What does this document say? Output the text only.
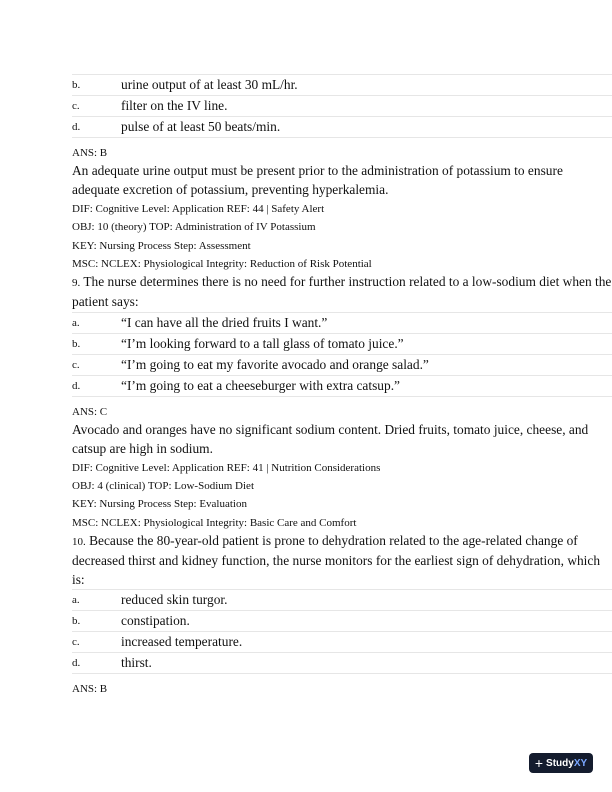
b.	urine output of at least 30 mL/hr.
c.	filter on the IV line.
d.	pulse of at least 50 beats/min.
ANS: B
An adequate urine output must be present prior to the administration of potassium to ensure adequate excretion of potassium, preventing hyperkalemia.
DIF: Cognitive Level: Application REF: 44 | Safety Alert
OBJ: 10 (theory) TOP: Administration of IV Potassium
KEY: Nursing Process Step: Assessment
MSC: NCLEX: Physiological Integrity: Reduction of Risk Potential
9. The nurse determines there is no need for further instruction related to a low-sodium diet when the patient says:
a.	“I can have all the dried fruits I want.”
b.	“I’m looking forward to a tall glass of tomato juice.”
c.	“I’m going to eat my favorite avocado and orange salad.”
d.	“I’m going to eat a cheeseburger with extra catsup.”
ANS: C
Avocado and oranges have no significant sodium content. Dried fruits, tomato juice, cheese, and catsup are high in sodium.
DIF: Cognitive Level: Application REF: 41 | Nutrition Considerations
OBJ: 4 (clinical) TOP: Low-Sodium Diet
KEY: Nursing Process Step: Evaluation
MSC: NCLEX: Physiological Integrity: Basic Care and Comfort
10. Because the 80-year-old patient is prone to dehydration related to the age-related change of decreased thirst and kidney function, the nurse monitors for the earliest sign of dehydration, which is:
a.	reduced skin turgor.
b.	constipation.
c.	increased temperature.
d.	thirst.
ANS: B
+ Study XY
